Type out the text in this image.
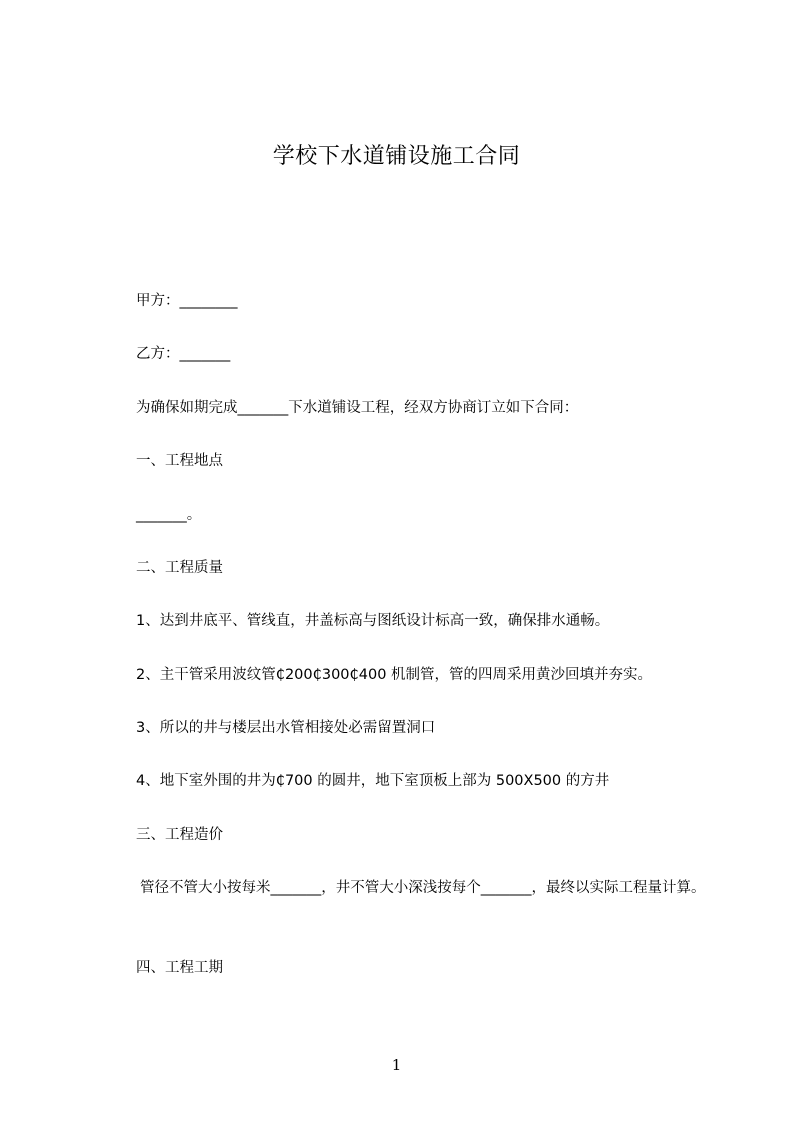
学校下水道铺设施工合同
甲方：________
乙方：_______
为确保如期完成_______下水道铺设工程，经双方协商订立如下合同：
一、工程地点
_______。
二、工程质量
1、达到井底平、管线直，井盖标高与图纸设计标高一致，确保排水通畅。
2、主干管采用波纹管₵200₵300₵400 机制管，管的四周采用黄沙回填并夯实。
3、所以的井与楼层出水管相接处必需留置洞口
4、地下室外围的井为₵700 的圆井，地下室顶板上部为 500X500 的方井
三、工程造价
管径不管大小按每米_______，井不管大小深浅按每个_______，最终以实际工程量计算。
四、工程工期
1
